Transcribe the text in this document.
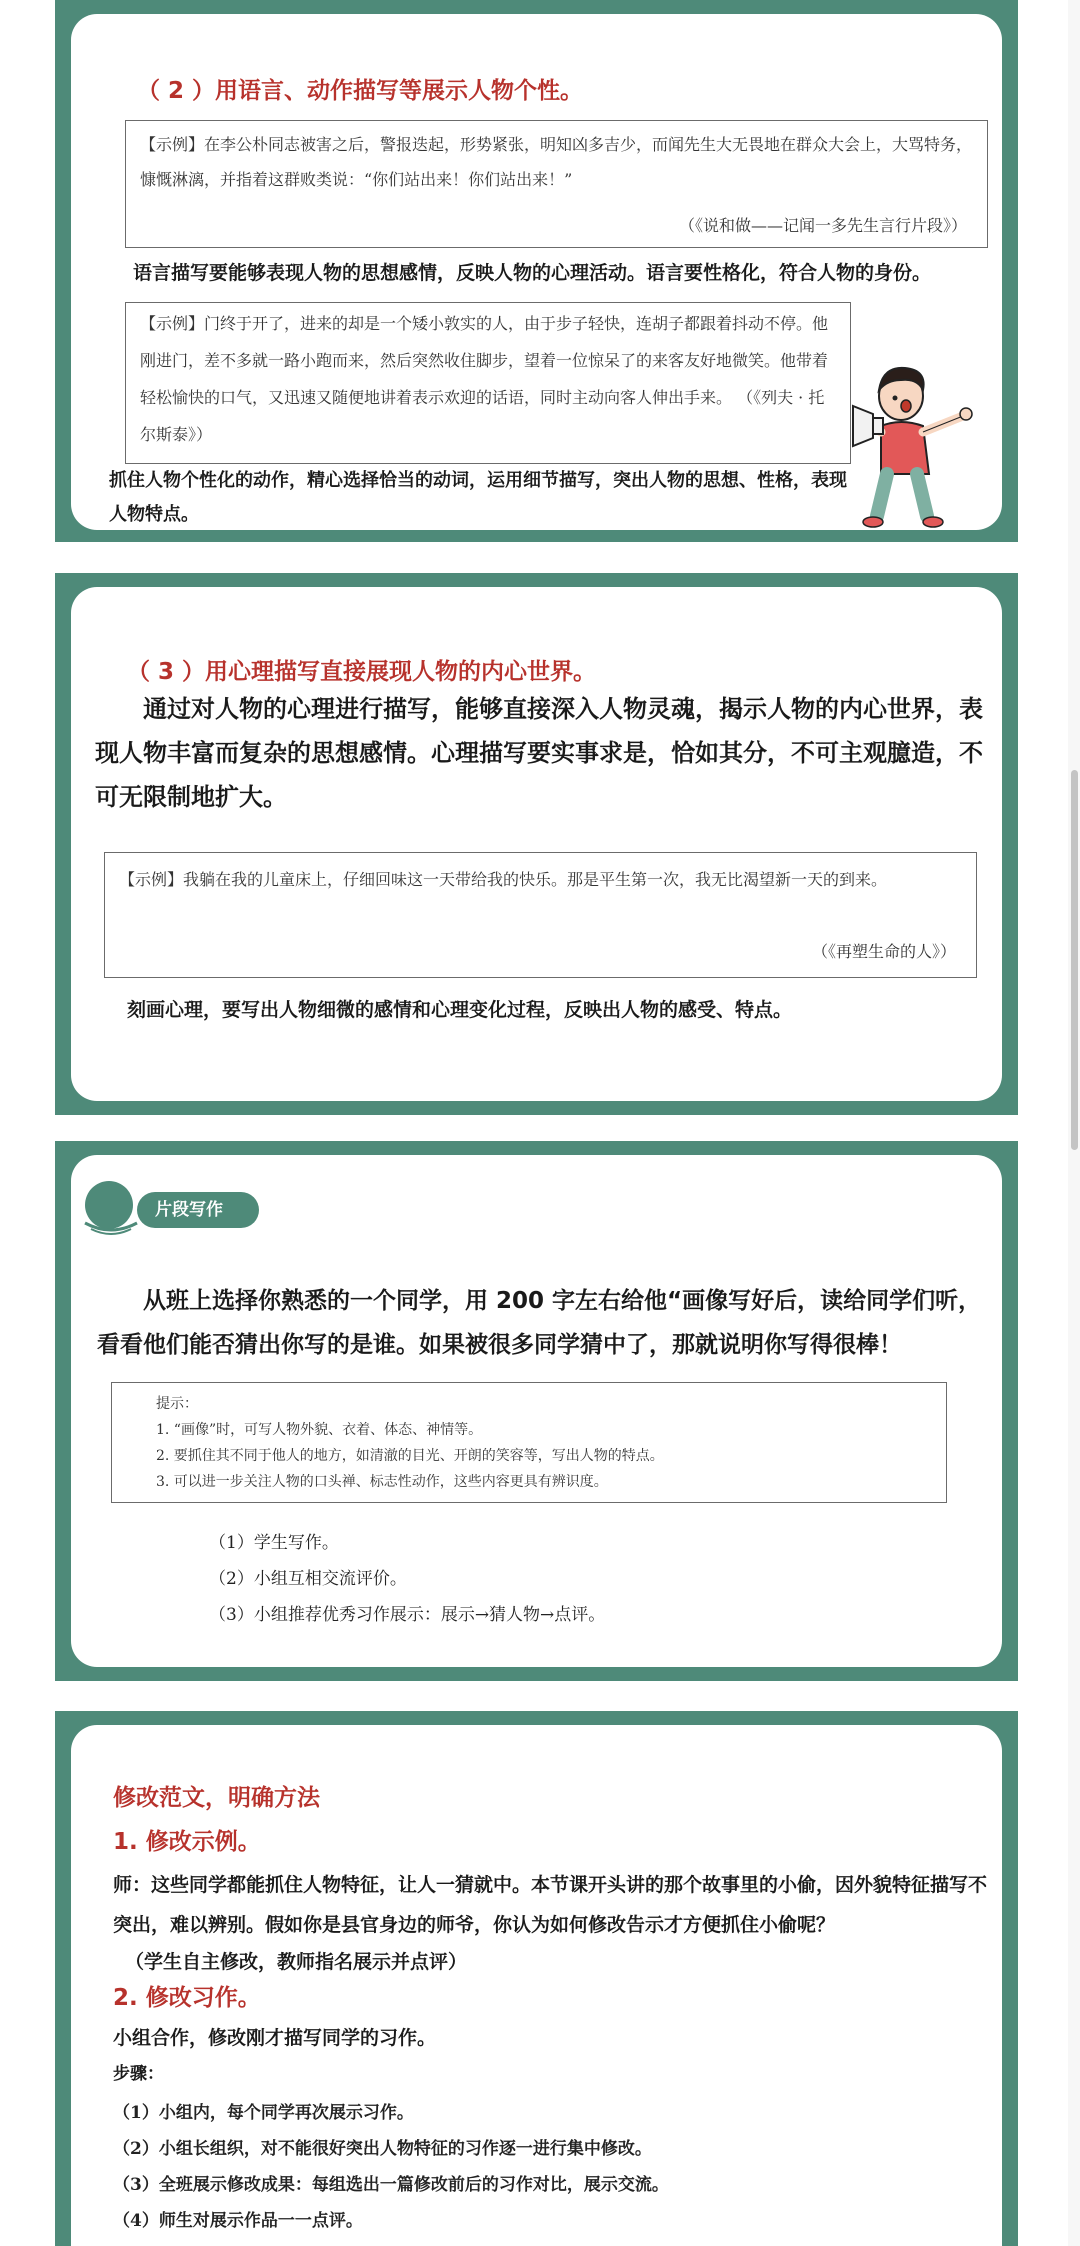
（ 2 ）用语言、动作描写等展示人物个性。
【示例】在李公朴同志被害之后，警报迭起，形势紧张，明知凶多吉少，而闻先生大无畏地在群众大会上，大骂特务，慷慨淋漓，并指着这群败类说：“你们站出来！你们站出来！”
（《说和做——记闻一多先生言行片段》）
语言描写要能够表现人物的思想感情，反映人物的心理活动。语言要性格化，符合人物的身份。
【示例】门终于开了，进来的却是一个矮小敦实的人，由于步子轻快，连胡子都跟着抖动不停。他刚进门，差不多就一路小跑而来，然后突然收住脚步，望着一位惊呆了的来客友好地微笑。他带着轻松愉快的口气，又迅速又随便地讲着表示欢迎的话语，同时主动向客人伸出手来。 （《列夫 · 托尔斯泰》）
抓住人物个性化的动作，精心选择恰当的动词，运用细节描写，突出人物的思想、性格，表现人物特点。
（ 3 ）用心理描写直接展现人物的内心世界。
通过对人物的心理进行描写，能够直接深入人物灵魂，揭示人物的内心世界，表现人物丰富而复杂的思想感情。心理描写要实事求是，恰如其分，不可主观臆造，不可无限制地扩大。
【示例】我躺在我的儿童床上，仔细回味这一天带给我的快乐。那是平生第一次，我无比渴望新一天的到来。
（《再塑生命的人》）
刻画心理，要写出人物细微的感情和心理变化过程，反映出人物的感受、特点。
片段写作
从班上选择你熟悉的一个同学，用 200 字左右给他“画像写好后，读给同学们听，看看他们能否猜出你写的是谁。如果被很多同学猜中了，那就说明你写得很棒！
提示：
1. “画像”时，可写人物外貌、衣着、体态、神情等。
2. 要抓住其不同于他人的地方，如清澈的目光、开朗的笑容等，写出人物的特点。
3. 可以进一步关注人物的口头禅、标志性动作，这些内容更具有辨识度。
（1）学生写作。
（2）小组互相交流评价。
（3）小组推荐优秀习作展示：展示→猜人物→点评。
修改范文，明确方法
1. 修改示例。
师：这些同学都能抓住人物特征，让人一猜就中。本节课开头讲的那个故事里的小偷，因外貌特征描写不突出，难以辨别。假如你是县官身边的师爷，你认为如何修改告示才方便抓住小偷呢？
（学生自主修改，教师指名展示并点评）
2. 修改习作。
小组合作，修改刚才描写同学的习作。
步骤：
（1）小组内，每个同学再次展示习作。
（2）小组长组织，对不能很好突出人物特征的习作逐一进行集中修改。
（3）全班展示修改成果：每组选出一篇修改前后的习作对比，展示交流。
（4）师生对展示作品一一点评。
